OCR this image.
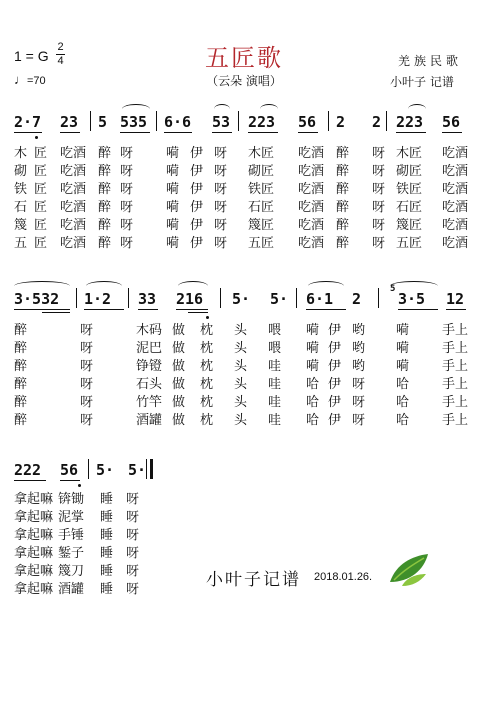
1 = G
2
4
♩=70
五匠歌
（云朵 演唱）
羌族民歌
小叶子 记谱
2·7 23 5 535 6·6 53 223 56 2 2 223 56
木 匠 吃酒 醉 呀	嗬 伊 呀 木匠 吃酒 醉 呀 木匠 吃酒
砌 匠 吃酒 醉 呀	嗬 伊 呀 砌匠 吃酒 醉 呀 砌匠 吃酒
铁 匠 吃酒 醉 呀	嗬 伊 呀 铁匠 吃酒 醉 呀 铁匠 吃酒
石 匠 吃酒 醉 呀	嗬 伊 呀 石匠 吃酒 醉 呀 石匠 吃酒
篾 匠 吃酒 醉 呀	嗬 伊 呀 篾匠 吃酒 醉 呀 篾匠 吃酒
五 匠 吃酒 醉 呀	嗬 伊 呀 五匠 吃酒 醉 呀 五匠 吃酒
3·532 1·2 33 216 5· 5· 6·1 2
5
3·5 12
醉	呀	木码 做 枕 头 喂 嗬 伊 哟 嗬	手上
醉	呀	泥巴 做 枕 头 喂 嗬 伊 哟 嗬	手上
醉	呀	铮镫 做 枕 头 哇 嗬 伊 哟 嗬	手上
醉	呀	石头 做 枕 头 哇 哈 伊 呀 哈	手上
醉	呀	竹竿 做 枕 头 哇 哈 伊 呀 哈	手上
醉	呀	酒罐 做 枕 头 哇 哈 伊 呀 哈	手上
222 56 5· 5·
拿起嘛 锛锄 睡 呀
拿起嘛 泥掌 睡 呀
拿起嘛 手锤 睡 呀
拿起嘛 錾子 睡 呀
拿起嘛 篾刀 睡 呀
拿起嘛 酒罐 睡 呀	小叶子记谱 2018.01.26.
